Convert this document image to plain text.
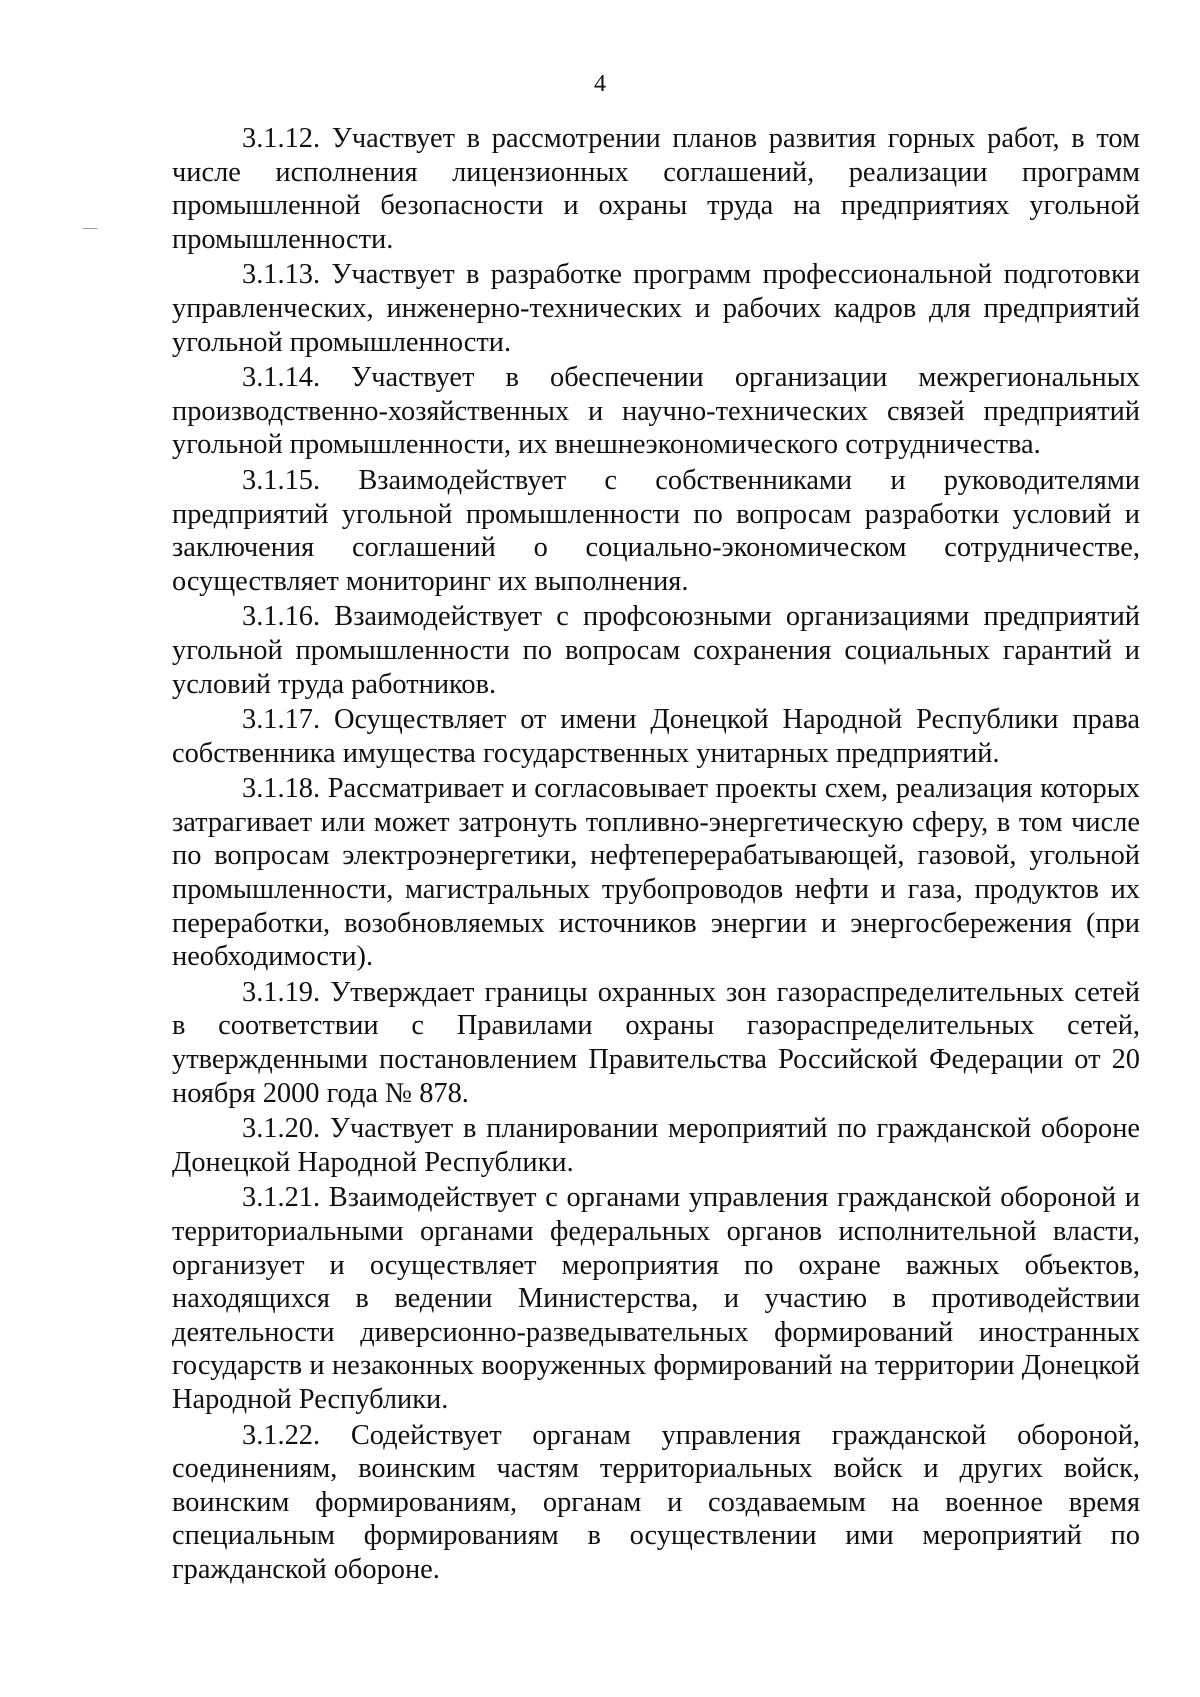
4

3.1.12. Участвует в рассмотрении планов развития горных работ, в том числе исполнения лицензионных соглашений, реализации программ промышленной безопасности и охраны труда на предприятиях угольной промышленности.

3.1.13. Участвует в разработке программ профессиональной подготовки управленческих, инженерно-технических и рабочих кадров для предприятий угольной промышленности.

3.1.14. Участвует в обеспечении организации межрегиональных производственно-хозяйственных и научно-технических связей предприятий угольной промышленности, их внешнеэкономического сотрудничества.

3.1.15. Взаимодействует с собственниками и руководителями предприятий угольной промышленности по вопросам разработки условий и заключения соглашений о социально-экономическом сотрудничестве, осуществляет мониторинг их выполнения.

3.1.16. Взаимодействует с профсоюзными организациями предприятий угольной промышленности по вопросам сохранения социальных гарантий и условий труда работников.

3.1.17. Осуществляет от имени Донецкой Народной Республики права собственника имущества государственных унитарных предприятий.

3.1.18. Рассматривает и согласовывает проекты схем, реализация которых затрагивает или может затронуть топливно-энергетическую сферу, в том числе по вопросам электроэнергетики, нефтеперерабатывающей, газовой, угольной промышленности, магистральных трубопроводов нефти и газа, продуктов их переработки, возобновляемых источников энергии и энергосбережения (при необходимости).

3.1.19. Утверждает границы охранных зон газораспределительных сетей в соответствии с Правилами охраны газораспределительных сетей, утвержденными постановлением Правительства Российской Федерации от 20 ноября 2000 года № 878.

3.1.20. Участвует в планировании мероприятий по гражданской обороне Донецкой Народной Республики.

3.1.21. Взаимодействует с органами управления гражданской обороной и территориальными органами федеральных органов исполнительной власти, организует и осуществляет мероприятия по охране важных объектов, находящихся в ведении Министерства, и участию в противодействии деятельности диверсионно-разведывательных формирований иностранных государств и незаконных вооруженных формирований на территории Донецкой Народной Республики.

3.1.22. Содействует органам управления гражданской обороной, соединениям, воинским частям территориальных войск и других войск, воинским формированиям, органам и создаваемым на военное время специальным формированиям в осуществлении ими мероприятий по гражданской обороне.
